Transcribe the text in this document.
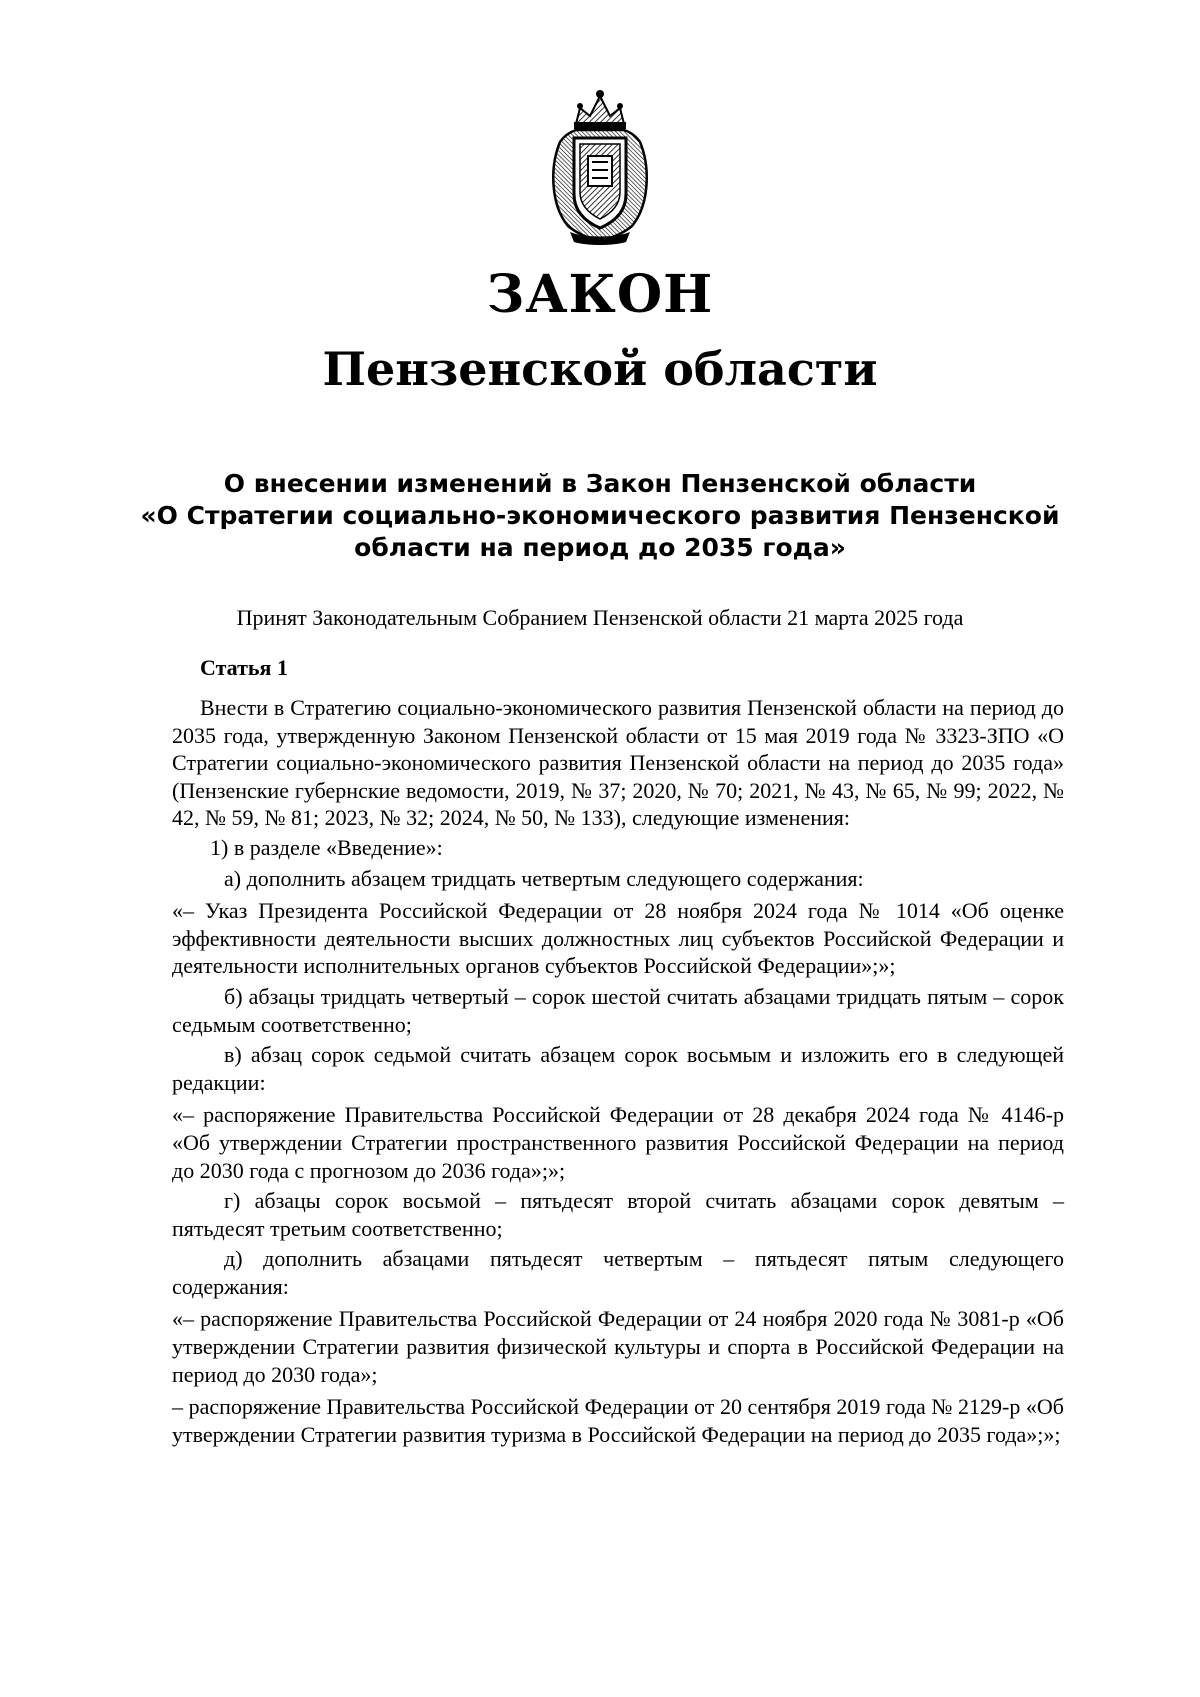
ЗАКОН
Пензенской области
О внесении изменений в Закон Пензенской области
«О Стратегии социально-экономического развития Пензенской
области на период до 2035 года»
Принят Законодательным Собранием Пензенской области 21 марта 2025 года
Статья 1

Внести в Стратегию социально-экономического развития Пензенской области на период до 2035 года, утвержденную Законом Пензенской области от 15 мая 2019 года № 3323-ЗПО «О Стратегии социально-экономического развития Пензенской области на период до 2035 года» (Пензенские губернские ведомости, 2019, № 37; 2020, № 70; 2021, № 43, № 65, № 99; 2022, № 42, № 59, № 81; 2023, № 32; 2024, № 50, № 133), следующие изменения:

1) в разделе «Введение»:

а) дополнить абзацем тридцать четвертым следующего содержания:

«– Указ Президента Российской Федерации от 28 ноября 2024 года № 1014 «Об оценке эффективности деятельности высших должностных лиц субъектов Российской Федерации и деятельности исполнительных органов субъектов Российской Федерации»;»;

б) абзацы тридцать четвертый – сорок шестой считать абзацами тридцать пятым – сорок седьмым соответственно;

в) абзац сорок седьмой считать абзацем сорок восьмым и изложить его в следующей редакции:

«– распоряжение Правительства Российской Федерации от 28 декабря 2024 года № 4146-р «Об утверждении Стратегии пространственного развития Российской Федерации на период до 2030 года с прогнозом до 2036 года»;»;

г) абзацы сорок восьмой – пятьдесят второй считать абзацами сорок девятым – пятьдесят третьим соответственно;

д) дополнить абзацами пятьдесят четвертым – пятьдесят пятым следующего содержания:

«– распоряжение Правительства Российской Федерации от 24 ноября 2020 года № 3081-р «Об утверждении Стратегии развития физической культуры и спорта в Российской Федерации на период до 2030 года»;

– распоряжение Правительства Российской Федерации от 20 сентября 2019 года № 2129-р «Об утверждении Стратегии развития туризма в Российской Федерации на период до 2035 года»;»;
